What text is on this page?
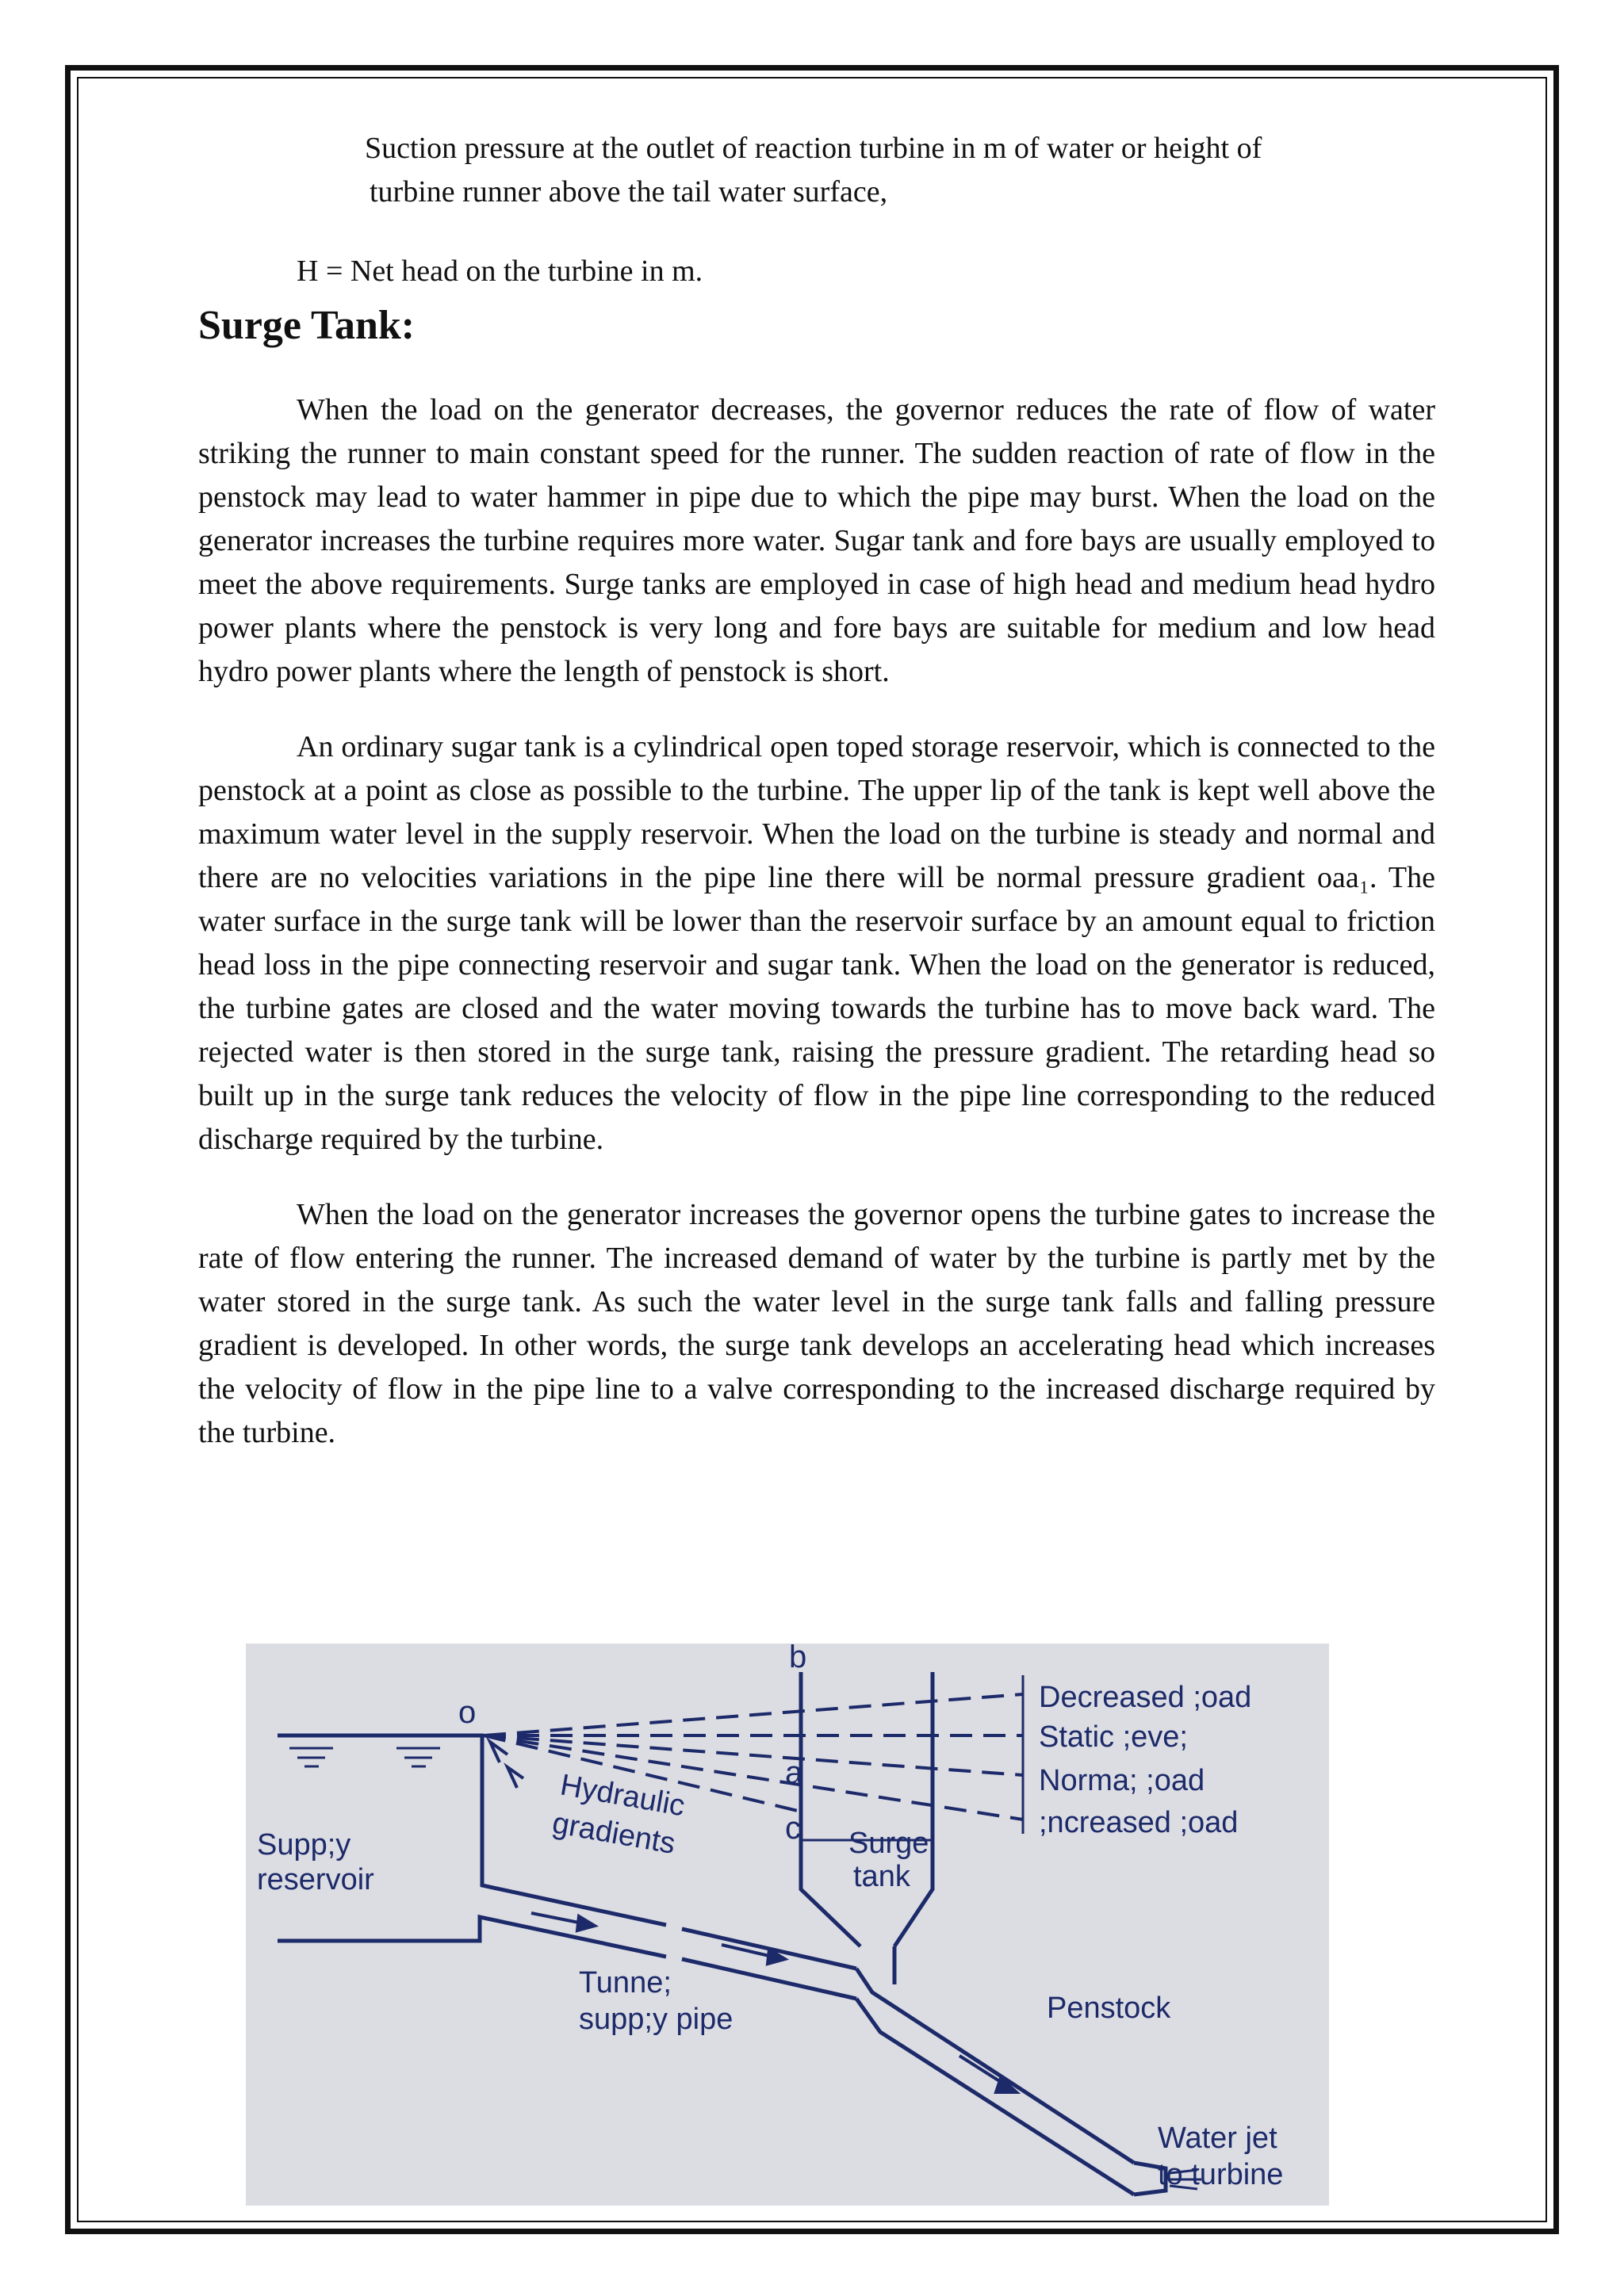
Suction pressure at the outlet of reaction turbine in m of water or height of

turbine runner above the tail water surface,

H = Net head on the turbine in m.

Surge Tank:

When the load on the generator decreases, the governor reduces the rate of flow of water striking the runner to main constant speed for the runner. The sudden reaction of rate of flow in the penstock may lead to water hammer in pipe due to which the pipe may burst. When the load on the generator increases the turbine requires more water. Sugar tank and fore bays are usually employed to meet the above requirements. Surge tanks are employed in case of high head and medium head hydro power plants where the penstock is very long and fore bays are suitable for medium and low head hydro power plants where the length of penstock is short.

An ordinary sugar tank is a cylindrical open toped storage reservoir, which is connected to the penstock at a point as close as possible to the turbine. The upper lip of the tank is kept well above the maximum water level in the supply reservoir. When the load on the turbine is steady and normal and there are no velocities variations in the pipe line there will be normal pressure gradient oaa₁. The water surface in the surge tank will be lower than the reservoir surface by an amount equal to friction head loss in the pipe connecting reservoir and sugar tank. When the load on the generator is reduced, the turbine gates are closed and the water moving towards the turbine has to move back ward. The rejected water is then stored in the surge tank, raising the pressure gradient. The retarding head so built up in the surge tank reduces the velocity of flow in the pipe line corresponding to the reduced discharge required by the turbine.

When the load on the generator increases the governor opens the turbine gates to increase the rate of flow entering the runner. The increased demand of water by the turbine is partly met by the water stored in the surge tank. As such the water level in the surge tank falls and falling pressure gradient is developed. In other words, the surge tank develops an accelerating head which increases the velocity of flow in the pipe line to a valve corresponding to the increased discharge required by the turbine.

o
b
a
c
Decreased ;oad
Static ;eve;
Norma; ;oad
;ncreased ;oad
Hydraulic
gradients
Supp;y
reservoir
Surge
tank
Tunne;
supp;y pipe	Penstock
Water jet
to turbine
